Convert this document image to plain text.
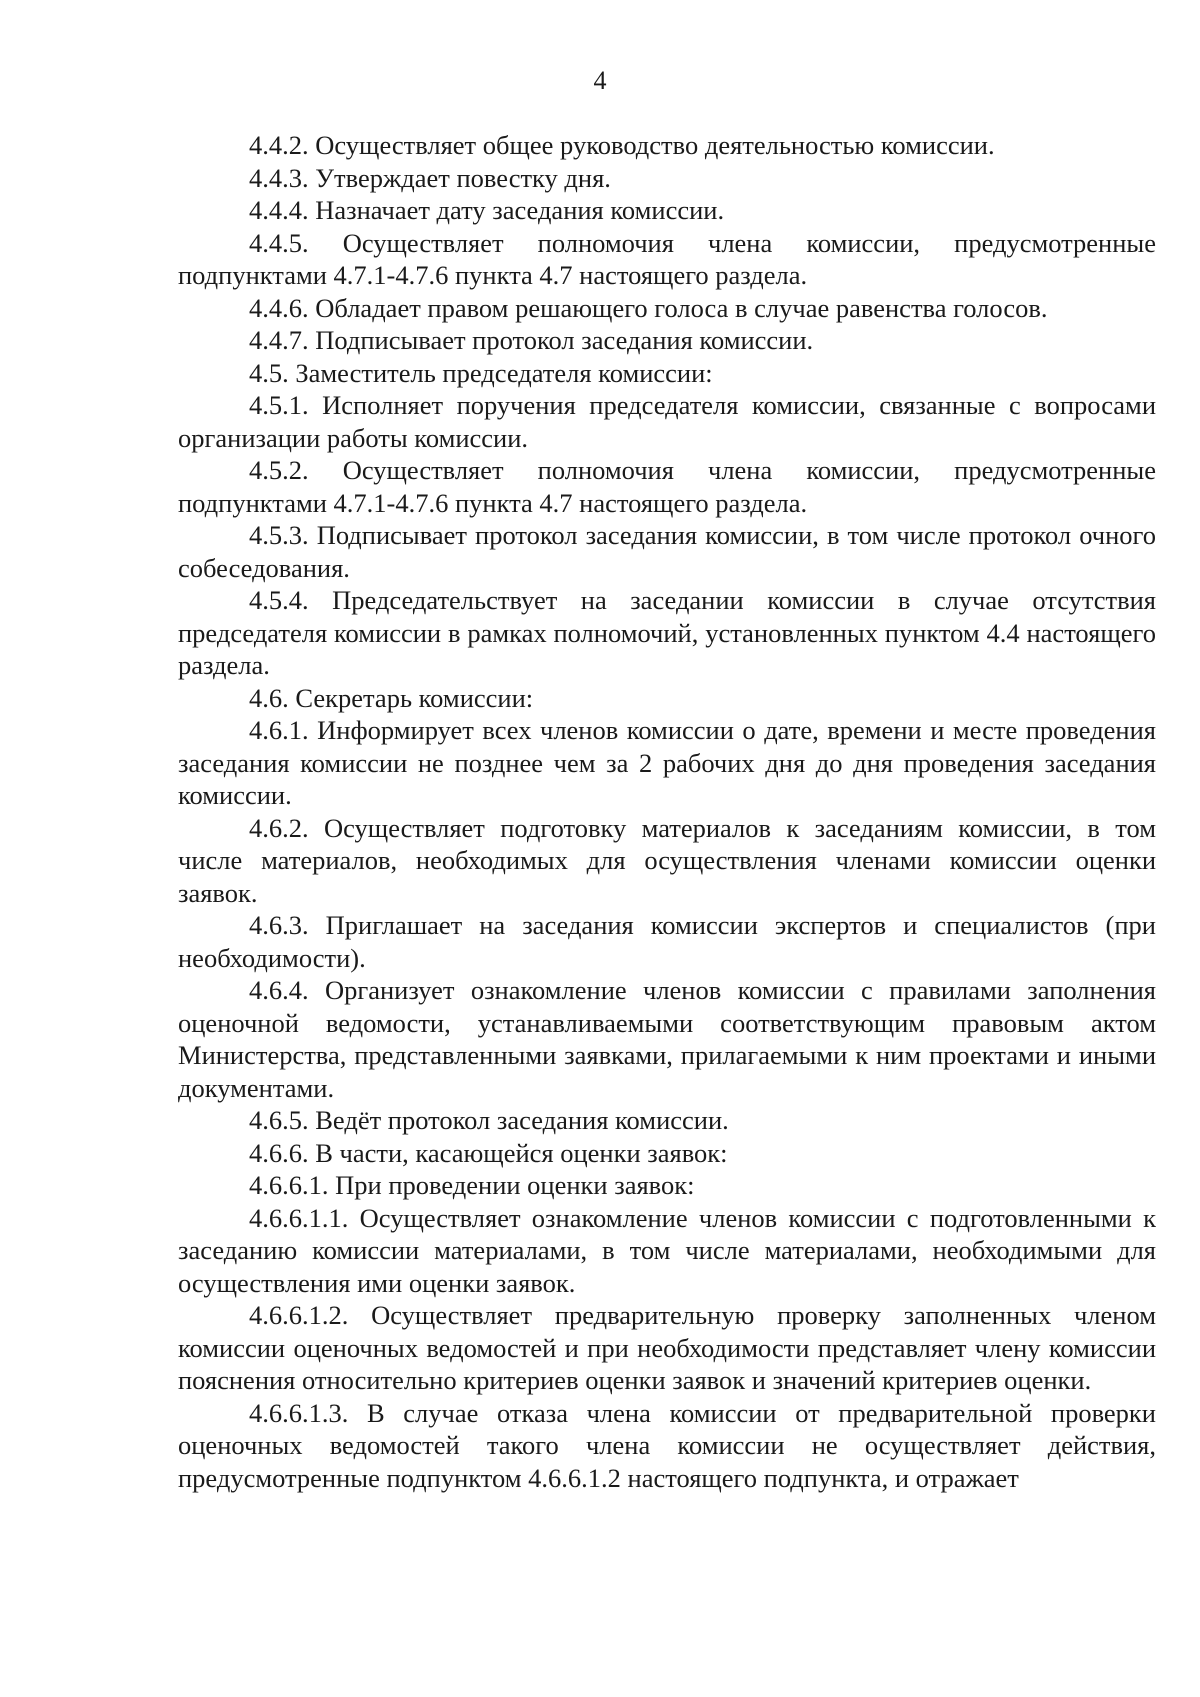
4

4.4.2. Осуществляет общее руководство деятельностью комиссии.

4.4.3. Утверждает повестку дня.

4.4.4. Назначает дату заседания комиссии.

4.4.5. Осуществляет полномочия члена комиссии, предусмотренные подпунктами 4.7.1-4.7.6 пункта 4.7 настоящего раздела.

4.4.6. Обладает правом решающего голоса в случае равенства голосов.

4.4.7. Подписывает протокол заседания комиссии.

4.5. Заместитель председателя комиссии:

4.5.1. Исполняет поручения председателя комиссии, связанные с вопросами организации работы комиссии.

4.5.2. Осуществляет полномочия члена комиссии, предусмотренные подпунктами 4.7.1-4.7.6 пункта 4.7 настоящего раздела.

4.5.3. Подписывает протокол заседания комиссии, в том числе протокол очного собеседования.

4.5.4. Председательствует на заседании комиссии в случае отсутствия председателя комиссии в рамках полномочий, установленных пунктом 4.4 настоящего раздела.

4.6. Секретарь комиссии:

4.6.1. Информирует всех членов комиссии о дате, времени и месте проведения заседания комиссии не позднее чем за 2 рабочих дня до дня проведения заседания комиссии.

4.6.2. Осуществляет подготовку материалов к заседаниям комиссии, в том числе материалов, необходимых для осуществления членами комиссии оценки заявок.

4.6.3. Приглашает на заседания комиссии экспертов и специалистов (при необходимости).

4.6.4. Организует ознакомление членов комиссии с правилами заполнения оценочной ведомости, устанавливаемыми соответствующим правовым актом Министерства, представленными заявками, прилагаемыми к ним проектами и иными документами.

4.6.5. Ведёт протокол заседания комиссии.

4.6.6. В части, касающейся оценки заявок:

4.6.6.1. При проведении оценки заявок:

4.6.6.1.1. Осуществляет ознакомление членов комиссии с подготовленными к заседанию комиссии материалами, в том числе материалами, необходимыми для осуществления ими оценки заявок.

4.6.6.1.2. Осуществляет предварительную проверку заполненных членом комиссии оценочных ведомостей и при необходимости представляет члену комиссии пояснения относительно критериев оценки заявок и значений критериев оценки.

4.6.6.1.3. В случае отказа члена комиссии от предварительной проверки оценочных ведомостей такого члена комиссии не осуществляет действия, предусмотренные подпунктом 4.6.6.1.2 настоящего подпункта, и отражает
